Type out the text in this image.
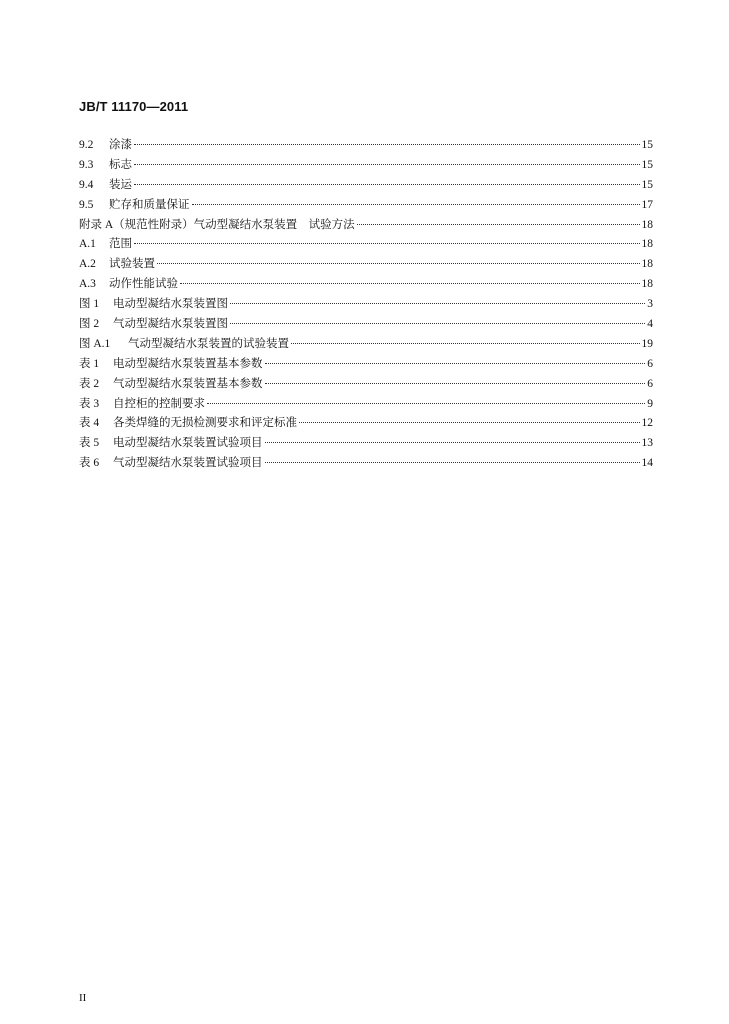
JB/T 11170—2011
9.2 涂漆	15
9.3 标志	15
9.4 装运	15
9.5 贮存和质量保证	17
附录 A（规范性附录）气动型凝结水泵装置　试验方法	18
A.1 范围	18
A.2 试验装置	18
A.3 动作性能试验	18
图 1 电动型凝结水泵装置图	3
图 2 气动型凝结水泵装置图	4
图 A.1 气动型凝结水泵装置的试验装置	19
表 1 电动型凝结水泵装置基本参数	6
表 2 气动型凝结水泵装置基本参数	6
表 3 自控柜的控制要求	9
表 4 各类焊缝的无损检测要求和评定标准	12
表 5 电动型凝结水泵装置试验项目	13
表 6 气动型凝结水泵装置试验项目	14
II
